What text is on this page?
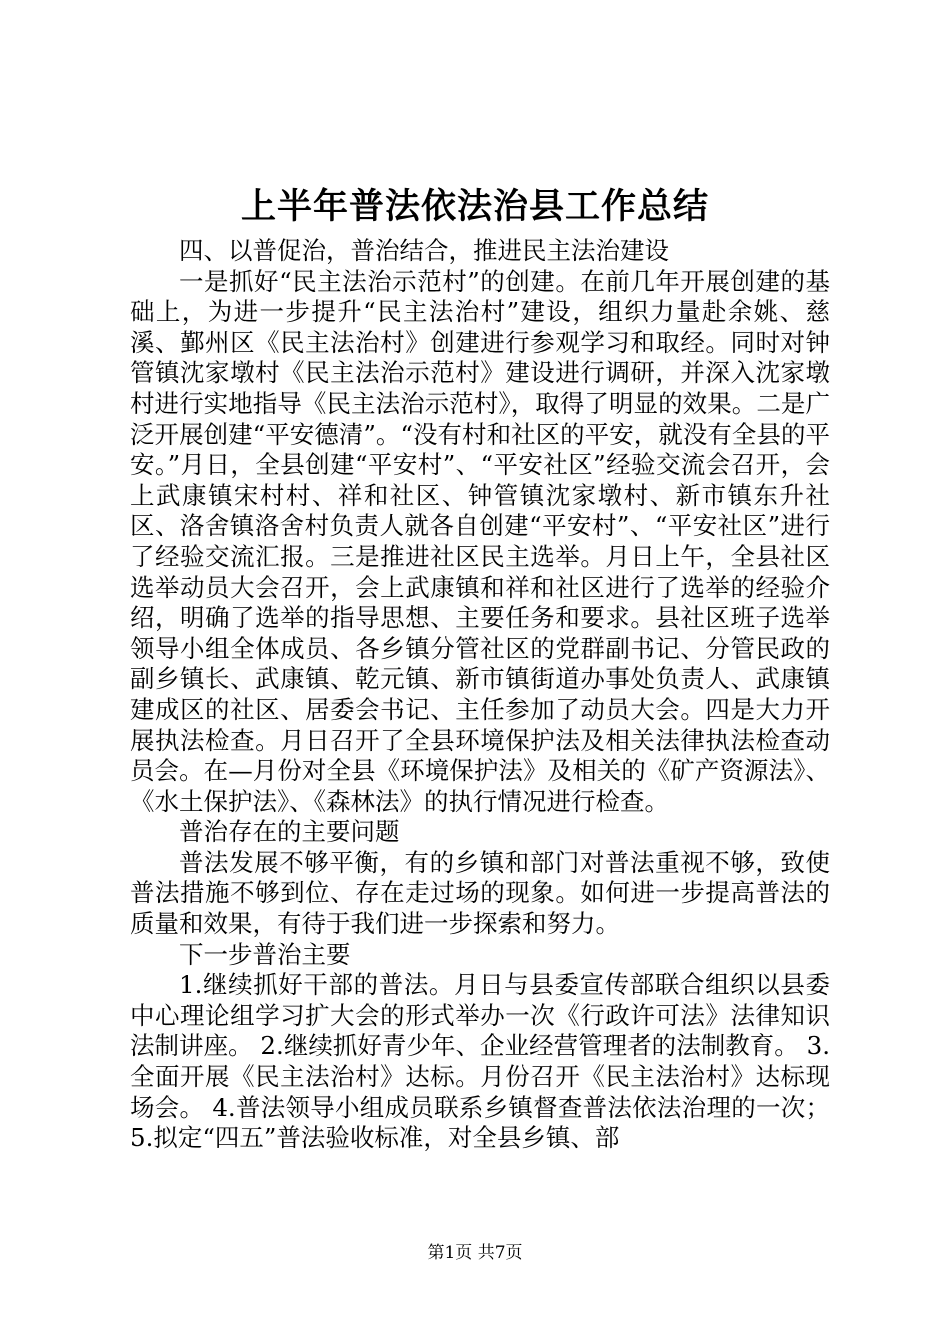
上半年普法依法治县工作总结

四、以普促治，普治结合，推进民主法治建设

一是抓好“民主法治示范村”的创建。在前几年开展创建的基础上，为进一步提升“民主法治村”建设，组织力量赴余姚、慈溪、鄞州区《民主法治村》创建进行参观学习和取经。同时对钟管镇沈家墩村《民主法治示范村》建设进行调研，并深入沈家墩村进行实地指导《民主法治示范村》，取得了明显的效果。二是广泛开展创建“平安德清”。“没有村和社区的平安，就没有全县的平安。”月日，全县创建“平安村”、“平安社区”经验交流会召开，会上武康镇宋村村、祥和社区、钟管镇沈家墩村、新市镇东升社区、洛舍镇洛舍村负责人就各自创建“平安村”、“平安社区”进行了经验交流汇报。三是推进社区民主选举。月日上午，全县社区选举动员大会召开，会上武康镇和祥和社区进行了选举的经验介绍，明确了选举的指导思想、主要任务和要求。县社区班子选举领导小组全体成员、各乡镇分管社区的党群副书记、分管民政的副乡镇长、武康镇、乾元镇、新市镇街道办事处负责人、武康镇建成区的社区、居委会书记、主任参加了动员大会。四是大力开展执法检查。月日召开了全县环境保护法及相关法律执法检查动员会。在—月份对全县《环境保护法》及相关的《矿产资源法》、《水土保护法》、《森林法》的执行情况进行检查。

普治存在的主要问题

普法发展不够平衡，有的乡镇和部门对普法重视不够，致使普法措施不够到位、存在走过场的现象。如何进一步提高普法的质量和效果，有待于我们进一步探索和努力。

下一步普治主要

1.继续抓好干部的普法。月日与县委宣传部联合组织以县委中心理论组学习扩大会的形式举办一次《行政许可法》法律知识法制讲座。 2.继续抓好青少年、企业经营管理者的法制教育。 3.全面开展《民主法治村》达标。月份召开《民主法治村》达标现场会。 4.普法领导小组成员联系乡镇督查普法依法治理的一次； 5.拟定“四五”普法验收标准，对全县乡镇、部

第1页 共7页
